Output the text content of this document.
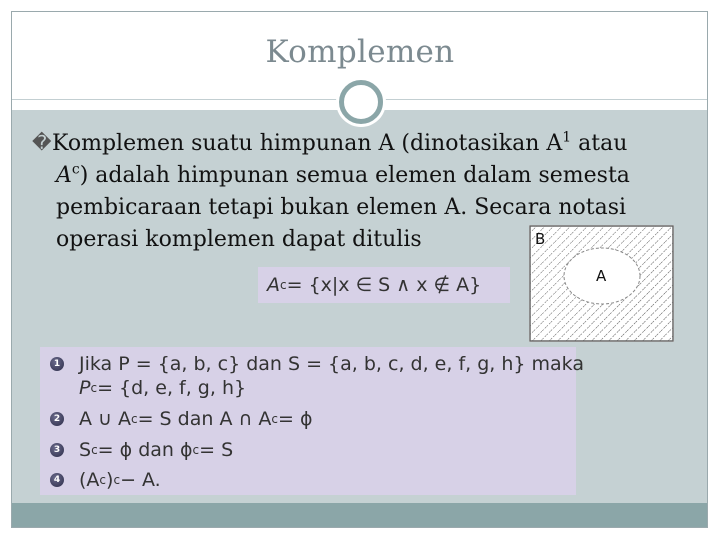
Komplemen
�Komplemen suatu himpunan A (dinotasikan $A^1$ atau
$A^c$) adalah himpunan semua elemen dalam semesta
pembicaraan tetapi bukan elemen A. Secara notasi
operasi komplemen dapat ditulis
A c = {x|x ∈ S ∧ x ∉ A}
B
A
1 Jika P = {a, b, c} dan S = {a, b, c, d, e, f, g, h} maka
P c = {d, e, f, g, h}
2 A ∪ A c = S dan A ∩ A c = ϕ
3 S c = ϕ dan ϕ c = S
4 (A c ) c − A.
